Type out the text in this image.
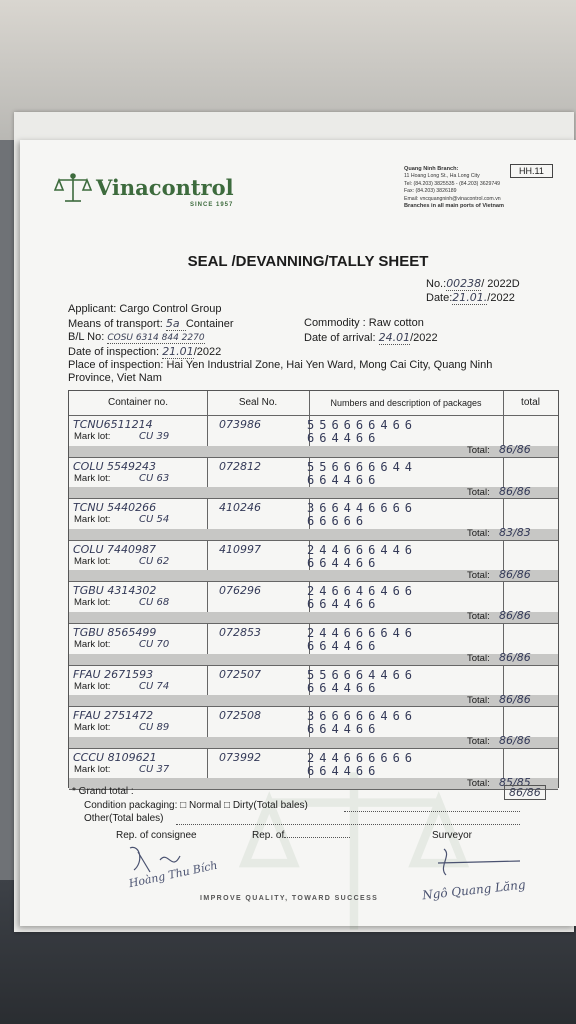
Vinacontrol
SINCE 1957
Quang Ninh Branch:
11 Hoang Long St., Ha Long City
Tel: (84.203) 3825535 - (84.203) 3629749
Fax: (84.203) 3826189
Email: vncquangninh@vinacontrol.com.vn
Branches in all main ports of Vietnam
HH.11
SEAL /DEVANNING/TALLY SHEET
No.:00238/ 2022D
Date:21.01./2022
Applicant: Cargo Control Group
Means of transport: 5a Container	Commodity : Raw cotton
B/L No: COSU 6314 844 2270	Date of arrival: 24.01/2022
Date of inspection: 21.01/2022
Place of inspection: Hai Yen Industrial Zone, Hai Yen Ward, Mong Cai City, Quang Ninh
Province, Viet Nam
Container no.	Seal No.	Numbers and description of packages	total
TCNU6511214
Mark lot:	CU 39
073986	556666466
664466
Total: 86/86
COLU 5549243
Mark lot:	CU 63
072812	556666644
664466
Total: 86/86
TCNU 5440266
Mark lot:	CU 54
410246	366446666
66666
Total: 83/83
COLU 7440987
Mark lot:	CU 62
410997	244666446
664466
Total: 86/86
TGBU 4314302
Mark lot:	CU 68
076296	246646466
664466
Total: 86/86
TGBU 8565499
Mark lot:	CU 70
072853	244666646
664466
Total: 86/86
FFAU 2671593
Mark lot:	CU 74
072507	556664466
664466
Total: 86/86
FFAU 2751472
Mark lot:	CU 89
072508	366666466
664466
Total: 86/86
CCCU 8109621
Mark lot:	CU 37
073992	244666666
664466
Total: 85/85
* Grand total :	86/86
Condition packaging: □ Normal □ Dirty(Total bales)
Other(Total bales)
Rep. of consignee	Rep. of	Surveyor
Hoàng Thu Bích	Ngô Quang Lăng
IMPROVE QUALITY, TOWARD SUCCESS
